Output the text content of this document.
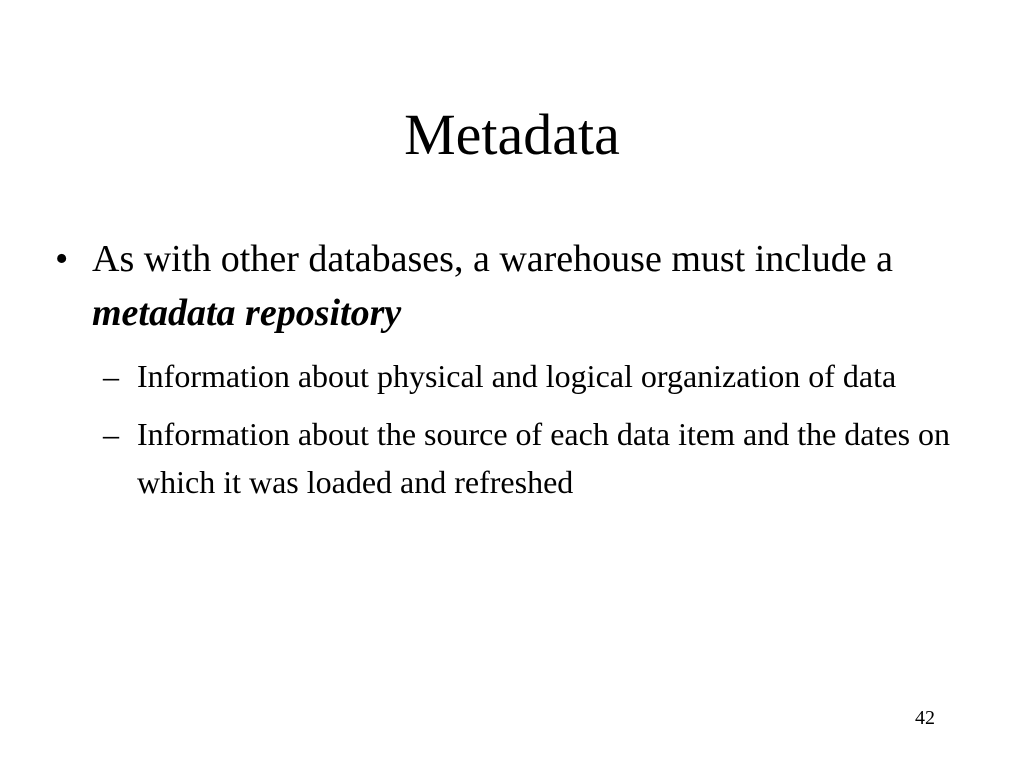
Metadata
• As with other databases, a warehouse must include a metadata repository
– Information about physical and logical organization of data
– Information about the source of each data item and the dates on which it was loaded and refreshed
42
